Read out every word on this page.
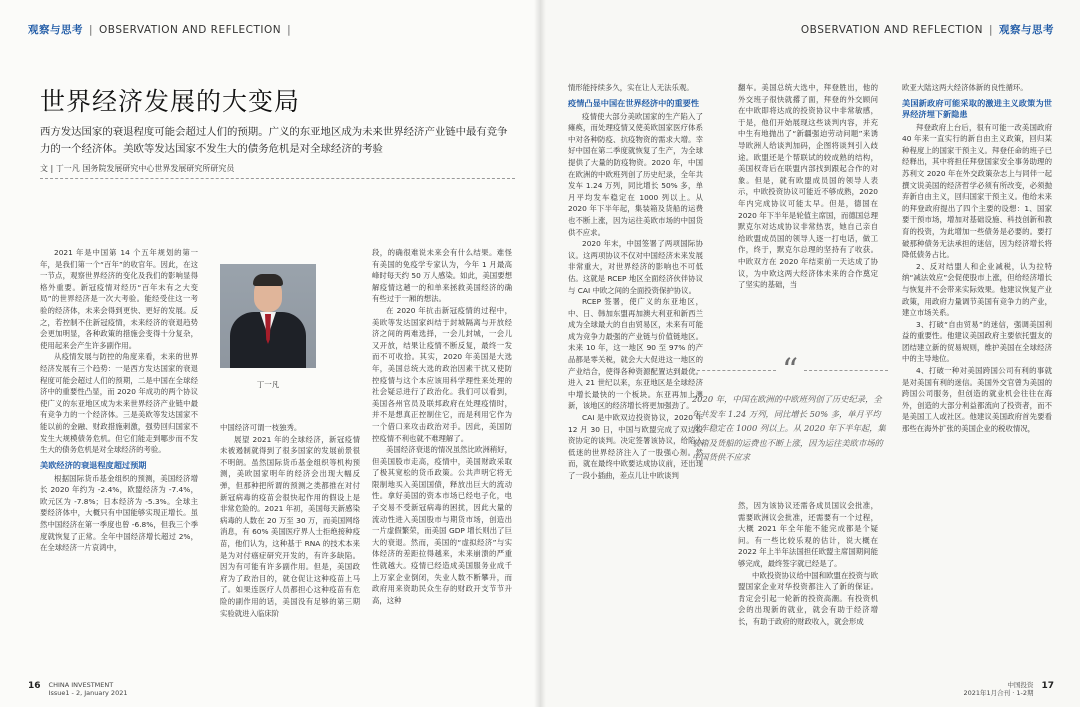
观察与思考 | OBSERVATION AND REFLECTION |
世界经济发展的大变局
西方发达国家的衰退程度可能会超过人们的预期。广义的东亚地区成为未来世界经济产业链中最有竞争力的一个经济体。美欧等发达国家不发生大的债务危机是对全球经济的考验
文 | 丁一凡 国务院发展研究中心世界发展研究所研究员

2021 年是中国第 14 个五年规划的第一年，是我们第一个“百年”的收官年。因此，在这一节点，观察世界经济的变化及我们的影响显得格外重要。新冠疫情对经历“百年未有之大变局”的世界经济是一次大考验。能经受住这一考验的经济体，未来会得到更快、更好的发展。反之，若控制不住新冠疫情，未来经济的衰退趋势会更加明显，各种政策的措施会变得十分复杂，使用起来会产生许多副作用。

从疫情发展与防控的角度来看，未来的世界经济发展有三个趋势：一是西方发达国家的衰退程度可能会超过人们的预期，二是中国在全球经济中的重要性凸显，而 2020 年成功的两个协议使广义的东亚地区成为未来世界经济产业链中最有竞争力的一个经济体。三是美欧等发达国家不能以前的金融、财政措施刺激，强势回归国家不发生大规模债务危机。但它们能走到哪步而不发生大的债务危机是对全球经济的考验。

美欧经济的衰退程度超过预期

根据国际货币基金组织的预测，美国经济增长 2020 年约为 -2.4%，欧盟经济为 -7.4%，欧元区为 -7.8%；日本经济为 -5.3%。全球主要经济体中，大概只有中国能够实现正增长。虽然中国经济在第一季度也曾 -6.8%，但我三个季度就恢复了正常。全年中国经济增长超过 2%，在全球经济一片哀鸿中，

丁一凡

中国经济可谓一枝独秀。

展望 2021 年的全球经济，新冠疫情未被遏制就得到了很多国家的发展前景很不明朗。虽然国际货币基金组织等机构预测，美欧国家明年的经济会出现大幅反弹，但那种把所谓的预测之类都推在对付新冠病毒的疫苗会很快起作用的假设上是非常危险的。2021 年初，美国每天新感染病毒的人数在 20 万至 30 万，而美国网络消息，有 60% 美国医疗界人士拒绝接种疫苗，他们认为，这种基于 RNA 的技术本来是为对付癌症研究开发的，有许多缺陷。因为有可能有许多副作用。但是，美国政府为了政治目的，就仓促让这种疫苗上马了。如果连医疗人员都担心这种疫苗有危险的副作用的话，美国没有足够的第三期实验就进入临床阶

段，的确很难说未来会有什么结果。难怪有美国的免疫学专家认为，今年 1 月最高峰时每天约 50 万人感染。如此，美国要想解疫情这趟一的和单来拯救美国经济的确有些过于一厢的想法。

在 2020 年抗击新冠疫情的过程中，美欧等发达国家纠结于封城隔离与开放经济之间的两难选择，一会儿封城，一会儿又开放，结果让疫情不断反复，最终一发而不可收拾。其实，2020 年美国是大选年，美国总统大选的政治因素干扰又使防控疫情与这个本应该用科学理性来处理的社会疑忌进行了政治化。我们可以看到，美国各州官员及联邦政府在处理疫情时，并不是想真正控制住它，而是利用它作为一个借口来攻击政治对手。因此，美国防控疫情不利也就不难理解了。

美国经济衰退的情况虽然比欧洲稍好，但美国股市走高，疫情中，美国财政采取了极其宽松的货币政策。公共声明它将无限制地买入美国国债，释放出巨大的流动性。拿好美国的资本市场已经电子化，电子交易不受新冠病毒的困扰，因此大量的流动性进入美国股市与期货市场，创造出一片虚假繁荣，而美国 GDP 增长则出了巨大的衰退。然而，美国的“虚拟经济”与实体经济的差距拉得越来，未来崩溃的严重性就越大。疫情已经造成美国服务业成千上万家企业倒闭，失业人数不断攀升，而政府用来资助民众生存的财政开支节节升高，这种

16 CHINA INVESTMENT
Issue1 - 2, January 2021
OBSERVATION AND REFLECTION | 观察与思考

情形能持续多久，实在让人无法乐观。

疫情凸显中国在世界经济中的重要性

疫情使大部分美欧国家的生产陷入了瘫痪，而处理疫情又使美欧国家医疗体系中对各种防疫、抗疫物资的需求大增。幸好中国在第二季度就恢复了生产，为全球提供了大量的防疫物资。2020 年，中国在欧洲的中欧班列创了历史纪录，全年共发车 1.24 万列，同比增长 50% 多，单月平均发车稳定在 1000 列以上。从 2020 年下半年起，集装箱及货船的运费也不断上涨，因为运往美欧市场的中国货供不应求。

2020 年末，中国签署了两项国际协议。这两项协议不仅对中国经济未来发展非常重大，对世界经济的影响也不可低估。这就是 RCEP 地区全面经济伙伴协议与 CAI 中欧之间的全面投资保护协议。

RCEP 签署，使广义的东亚地区，中、日、韩加东盟再加澳大利亚和新西兰成为全球最大的自由贸易区，未来有可能成为竞争力最强的产业链与价值链地区。未来 10 年，这一地区 90 至 97% 的产品都是零关税，就会大大促进这一地区的产业结合，使得各种资源配置达到最优。进入 21 世纪以来，东亚地区是全球经济中增长最快的一个板块。东亚再加上澳新，该地区的经济增长将更加强劲了。

CAI 是中欧双边投资协议，2020 年 12 月 30 日，中国与欧盟完成了双边投资协定的谈判。决定签署该协议，给陷入低迷的世界经济注入了一股强心剂。然而，就在最终中欧要达成协议前，还出现了一段小插曲，差点儿让中欧谈判

翻车。美国总统大选中，拜登胜出，他的外交班子很快就撂了面，拜登的外交顾问在中欧即将达成的投资协议中非常敏感，于是，他们开始展现这些谈判内容，并充中生有地抛出了“新疆强迫劳动问题”来诱导欧洲人给谈判加码，企图将谈判引入歧途。欧盟还是个帮联试的较成熟的结构，美国权奇后在联盟内部找到跟起合作的对象。但是，就有欧盟成员国的领导人表示，中欧投资协议可能近不够成熟，2020 年内完成协议可能太早。但是，德国在 2020 年下半年是轮值主席国，而德国总理默克尔对达成协议非常热衷，她自己亲自给欧盟成员国的领导人逐一打电话，做工作，终于，默克尔总理的坚持有了收获。中欧双方在 2020 年结束前一天达成了协议，为中欧这两大经济体未来的合作奠定了坚实的基础，当

“
2020 年，中国在欧洲的中欧班列创了历史纪录，全年共发车 1.24 万列，同比增长 50% 多，单月平均发车稳定在 1000 列以上。从 2020 年下半年起，集装箱及货船的运费也不断上涨，因为运往美欧市场的中国货供不应求

然，因为该协议还需各成员国议会批准，需要欧洲议会批准，还需要有一个过程，大概 2021 年全年能不能完成都是个疑问。有一些比较乐观的估计，说大概在 2022 年上半年法国担任欧盟主席国期间能够完成，最终签字就已经是了。

中欧投资协议给中国和欧盟在投资与欧盟国家企业对华投资都注入了新的保证。肯定会引起一轮新的投资高潮。有投资机会的出现新的就业，就会有助于经济增长，有助于政府的财政收入，就会形成

欧亚大陆这两大经济体新的良性循环。

美国新政府可能采取的激进主义政策为世界经济埋下新隐患

拜登政府上台后，很有可能一改美国政府 40 年来一直实行的新自由主义政策，回归某种程度上的国家干预主义。拜登任命的班子已经释出，其中将担任拜登国家安全事务助理的苏利文 2020 年在外交政策杂志上与同伴一起撰文说美国的经济哲学必须有所改变，必须抛弃新自由主义，回归国家干预主义。他给未来的拜登政府提出了四个主要的设想：1、国家要干预市场，增加对基础设施、科技创新和教育的投资，为此增加一些债务是必要的。要打破那种债务无法承担的迷信，因为经济增长将降低债务占比。

2、反对结盟人和企业减税，认为拉特纳“减法效应”会促使股市上涨，但给经济增长与恢复并不会带来实际效果。他建议恢复产业政策，用政府力量调节美国有竞争力的产业，建立市场关系。

3、打破“自由贸易”的迷信，强调美国利益的重要性。他建议美国政府主要依托盟友的团结建立新的贸易规则，维护美国在全球经济中的主导地位。

4、打破一种对美国跨国公司有利的事就是对美国有利的迷信。美国外交官曾为美国的跨国公司服务，但创造的就业机会往往在海外，创造的大部分利益都流向了投资者，而不是美国工人或社区。他建议美国政府首先要看那些在海外扩张的美国企业的税收情况，

中国投资
2021年1月合刊 · 1-2期
17
